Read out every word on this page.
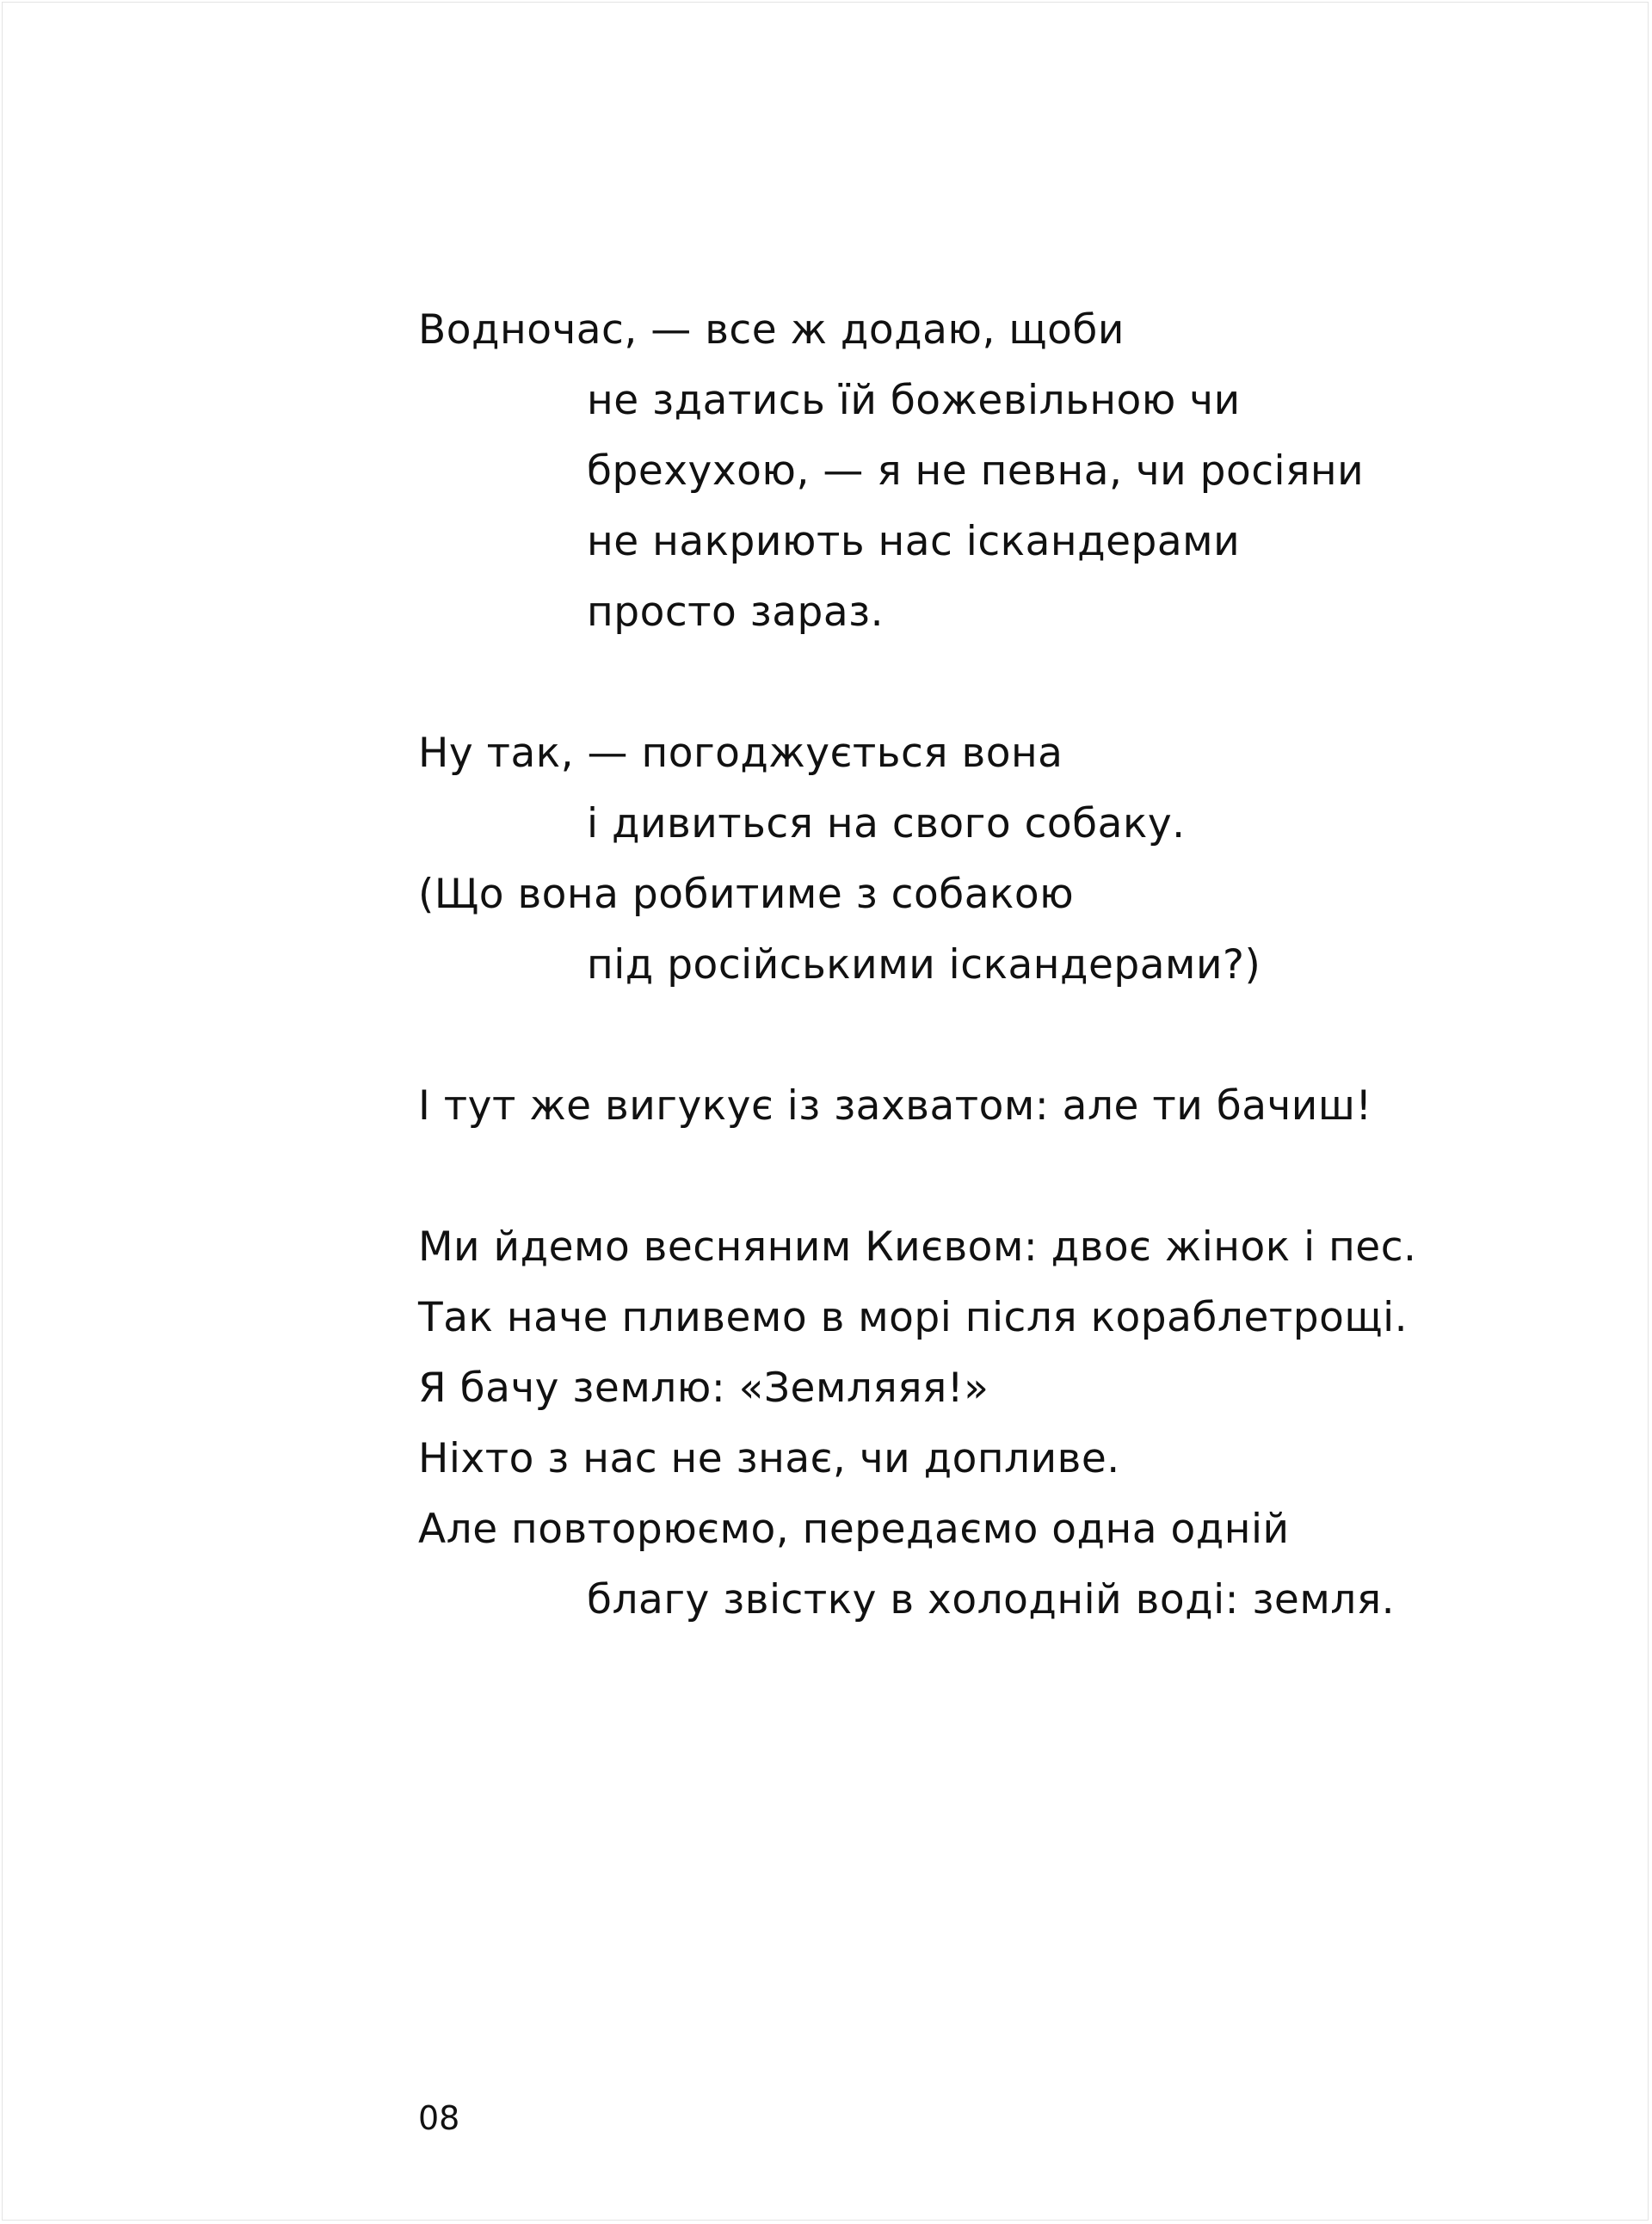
Водночас, — все ж додаю, щоби
не здатись їй божевільною чи
брехухою, — я не певна, чи росіяни
не накриють нас іскандерами
просто зараз.
Ну так, — погоджується вона
і дивиться на свого собаку.
(Що вона робитиме з собакою
під російськими іскандерами?)
І тут же вигукує із захватом: але ти бачиш!
Ми йдемо весняним Києвом: двоє жінок і пес.
Так наче пливемо в морі після кораблетрощі.
Я бачу землю: «Земляяя!»
Ніхто з нас не знає, чи допливе.
Але повторюємо, передаємо одна одній
благу звістку в холодній воді: земля.
08
